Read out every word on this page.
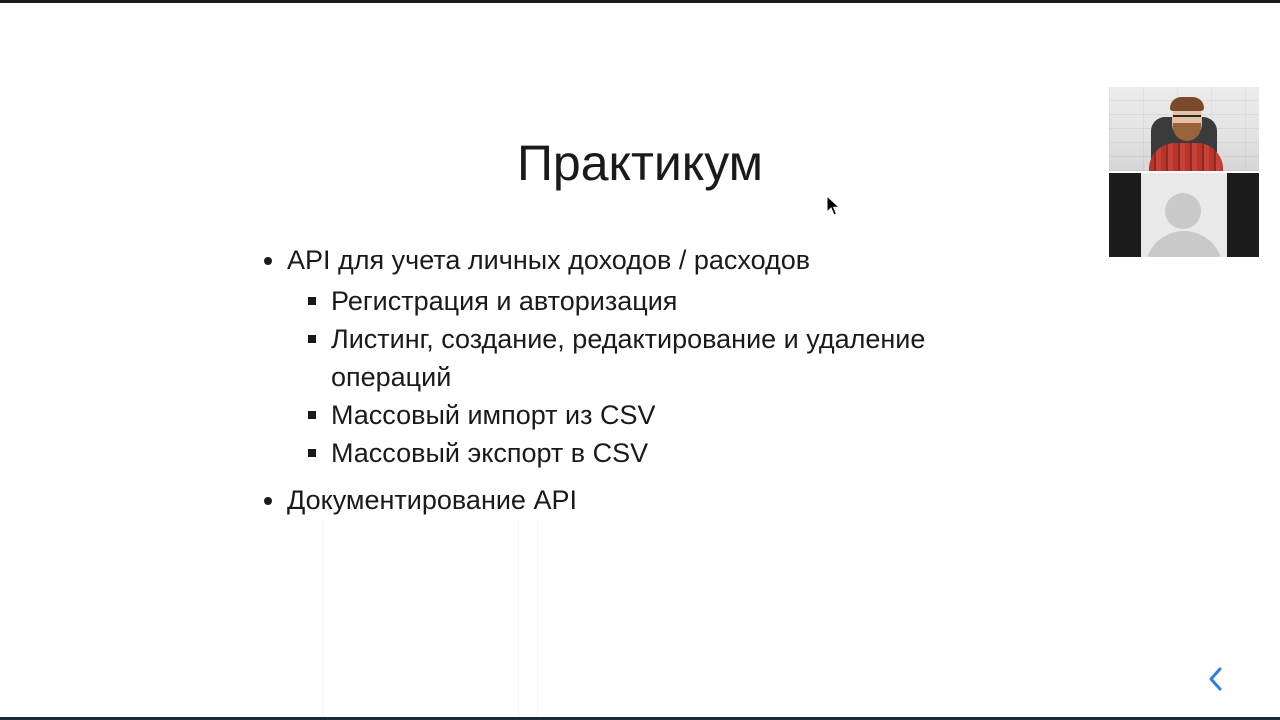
Практикум
API для учета личных доходов / расходов
Регистрация и авторизация
Листинг, создание, редактирование и удаление операций
Массовый импорт из CSV
Массовый экспорт в CSV
Документирование API
